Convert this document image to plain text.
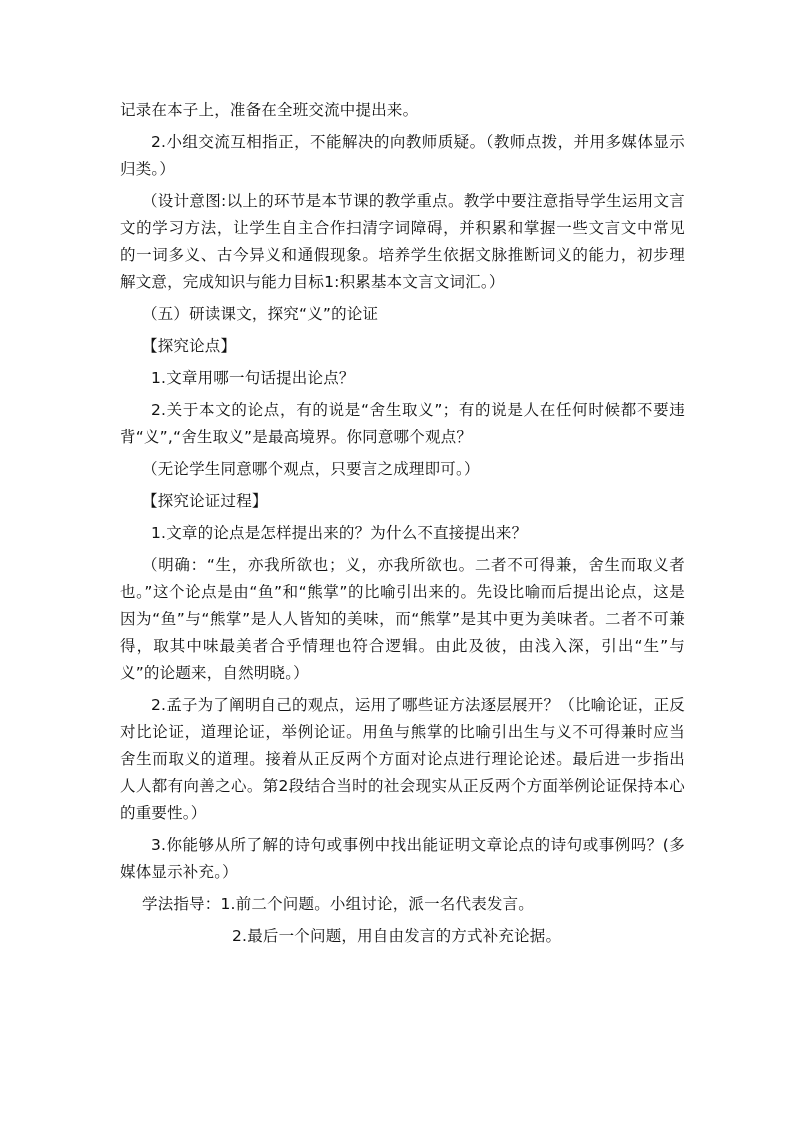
记录在本子上，准备在全班交流中提出来。

2.小组交流互相指正，不能解决的向教师质疑。（教师点拨，并用多媒体显示归类。）

（设计意图:以上的环节是本节课的教学重点。教学中要注意指导学生运用文言文的学习方法，让学生自主合作扫清字词障碍，并积累和掌握一些文言文中常见的一词多义、古今异义和通假现象。培养学生依据文脉推断词义的能力，初步理解文意，完成知识与能力目标1:积累基本文言文词汇。）

（五）研读课文，探究“义”的论证

【探究论点】

1.文章用哪一句话提出论点？

2.关于本文的论点，有的说是“舍生取义”；有的说是人在任何时候都不要违背“义”,“舍生取义”是最高境界。你同意哪个观点？

（无论学生同意哪个观点，只要言之成理即可。）

【探究论证过程】

1.文章的论点是怎样提出来的？为什么不直接提出来？

（明确：“生，亦我所欲也；义，亦我所欲也。二者不可得兼，舍生而取义者也。”这个论点是由“鱼”和“熊掌”的比喻引出来的。先设比喻而后提出论点，这是因为“鱼”与“熊掌”是人人皆知的美味，而“熊掌”是其中更为美味者。二者不可兼得，取其中味最美者合乎情理也符合逻辑。由此及彼，由浅入深，引出“生”与义”的论题来，自然明晓。）

2.孟子为了阐明自己的观点，运用了哪些证方法逐层展开？（比喻论证，正反对比论证，道理论证，举例论证。用鱼与熊掌的比喻引出生与义不可得兼时应当舍生而取义的道理。接着从正反两个方面对论点进行理论论述。最后进一步指出人人都有向善之心。第2段结合当时的社会现实从正反两个方面举例论证保持本心的重要性。）

3.你能够从所了解的诗句或事例中找出能证明文章论点的诗句或事例吗？(多媒体显示补充。）

学法指导：1.前二个问题。小组讨论，派一名代表发言。

2.最后一个问题，用自由发言的方式补充论据。
